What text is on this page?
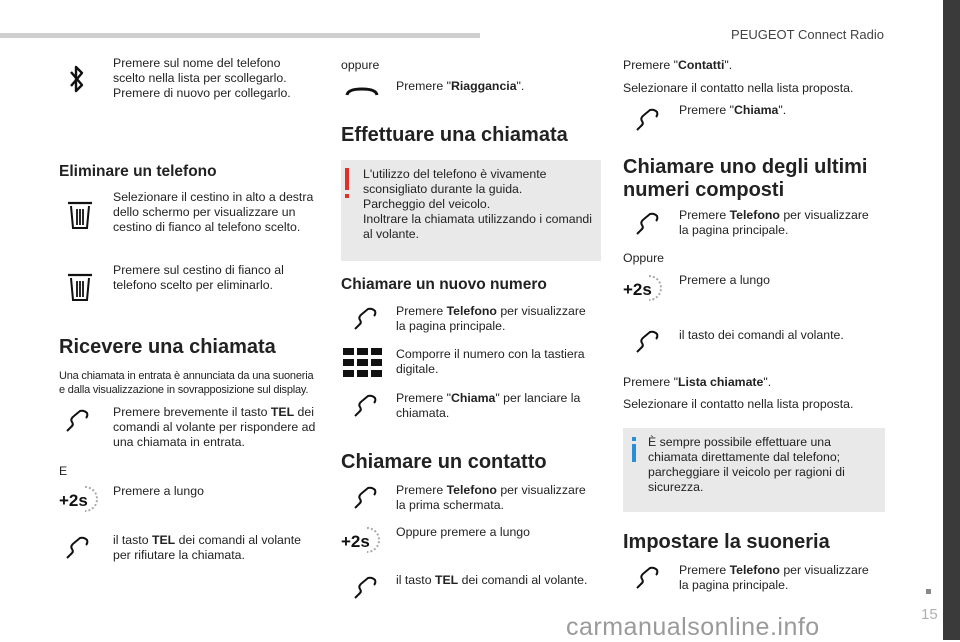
PEUGEOT Connect Radio
15
Premere sul nome del telefono scelto nella lista per scollegarlo. Premere di nuovo per collegarlo.
Eliminare un telefono
Selezionare il cestino in alto a destra dello schermo per visualizzare un cestino di fianco al telefono scelto.
Premere sul cestino di fianco al telefono scelto per eliminarlo.
Ricevere una chiamata
Una chiamata in entrata è annunciata da una suoneria e dalla visualizzazione in sovrapposizione sul display.
Premere brevemente il tasto TEL dei comandi al volante per rispondere ad una chiamata in entrata.
E
+2s Premere a lungo
il tasto TEL dei comandi al volante per rifiutare la chiamata.
oppure
Premere "Riaggancia".
Effettuare una chiamata
L'utilizzo del telefono è vivamente sconsigliato durante la guida.
Parcheggio del veicolo.
Inoltrare la chiamata utilizzando i comandi al volante.
Chiamare un nuovo numero
Premere Telefono per visualizzare la pagina principale.
Comporre il numero con la tastiera digitale.
Premere "Chiama" per lanciare la chiamata.
Chiamare un contatto
Premere Telefono per visualizzare la prima schermata.
+2s Oppure premere a lungo
il tasto TEL dei comandi al volante.
Premere "Contatti".
Selezionare il contatto nella lista proposta.
Premere "Chiama".
Chiamare uno degli ultimi numeri composti
Premere Telefono per visualizzare la pagina principale.
Oppure
+2s Premere a lungo
il tasto dei comandi al volante.
Premere "Lista chiamate".
Selezionare il contatto nella lista proposta.
È sempre possibile effettuare una chiamata direttamente dal telefono; parcheggiare il veicolo per ragioni di sicurezza.
Impostare la suoneria
Premere Telefono per visualizzare la pagina principale.
carmanualsonline.info
